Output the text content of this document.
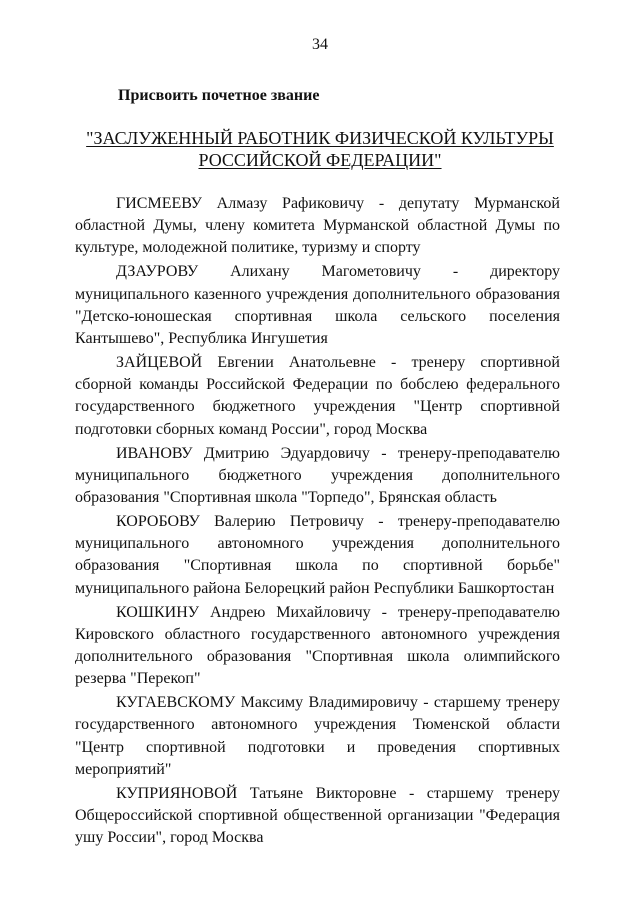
34
Присвоить почетное звание
"ЗАСЛУЖЕННЫЙ РАБОТНИК ФИЗИЧЕСКОЙ КУЛЬТУРЫ
РОССИЙСКОЙ ФЕДЕРАЦИИ"

ГИСМЕЕВУ Алмазу Рафиковичу - депутату Мурманской областной Думы, члену комитета Мурманской областной Думы по культуре, молодежной политике, туризму и спорту

ДЗАУРОВУ Алихану Магометовичу - директору муниципального казенного учреждения дополнительного образования "Детско-юношеская спортивная школа сельского поселения Кантышево", Республика Ингушетия

ЗАЙЦЕВОЙ Евгении Анатольевне - тренеру спортивной сборной команды Российской Федерации по бобслею федерального государственного бюджетного учреждения "Центр спортивной подготовки сборных команд России", город Москва

ИВАНОВУ Дмитрию Эдуардовичу - тренеру-преподавателю муниципального бюджетного учреждения дополнительного образования "Спортивная школа "Торпедо", Брянская область

КОРОБОВУ Валерию Петровичу - тренеру-преподавателю муниципального автономного учреждения дополнительного образования "Спортивная школа по спортивной борьбе" муниципального района Белорецкий район Республики Башкортостан

КОШКИНУ Андрею Михайловичу - тренеру-преподавателю Кировского областного государственного автономного учреждения дополнительного образования "Спортивная школа олимпийского резерва "Перекоп"

КУГАЕВСКОМУ Максиму Владимировичу - старшему тренеру государственного автономного учреждения Тюменской области "Центр спортивной подготовки и проведения спортивных мероприятий"

КУПРИЯНОВОЙ Татьяне Викторовне - старшему тренеру Общероссийской спортивной общественной организации "Федерация ушу России", город Москва
